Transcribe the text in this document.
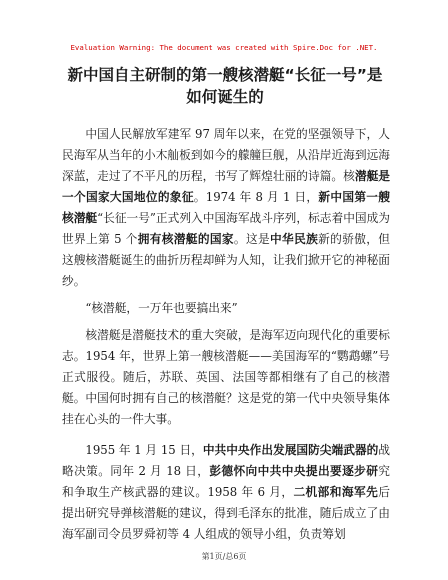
Evaluation Warning: The document was created with Spire.Doc for .NET.
新中国自主研制的第一艘核潜艇“长征一号”是如何诞生的

中国人民解放军建军 97 周年以来，在党的坚强领导下，人民海军从当年的小木舢板到如今的艨艟巨舰，从沿岸近海到远海深蓝，走过了不平凡的历程，书写了辉煌壮丽的诗篇。核潜艇是一个国家大国地位的象征。1974 年 8 月 1 日，新中国第一艘核潜艇“长征一号”正式列入中国海军战斗序列，标志着中国成为世界上第 5 个拥有核潜艇的国家。这是中华民族新的骄傲，但这艘核潜艇诞生的曲折历程却鲜为人知，让我们掀开它的神秘面纱。

“核潜艇，一万年也要搞出来”

核潜艇是潜艇技术的重大突破，是海军迈向现代化的重要标志。1954 年，世界上第一艘核潜艇——美国海军的“鹦鹉螺”号正式服役。随后，苏联、英国、法国等都相继有了自己的核潜艇。中国何时拥有自己的核潜艇？这是党的第一代中央领导集体挂在心头的一件大事。

1955 年 1 月 15 日，中共中央作出发展国防尖端武器的战略决策。同年 2 月 18 日，彭德怀向中共中央提出要逐步研究和争取生产核武器的建议。1958 年 6 月，二机部和海军先后提出研究导弹核潜艇的建议，得到毛泽东的批准，随后成立了由海军副司令员罗舜初等 4 人组成的领导小组，负责筹划

第1页/总6页
